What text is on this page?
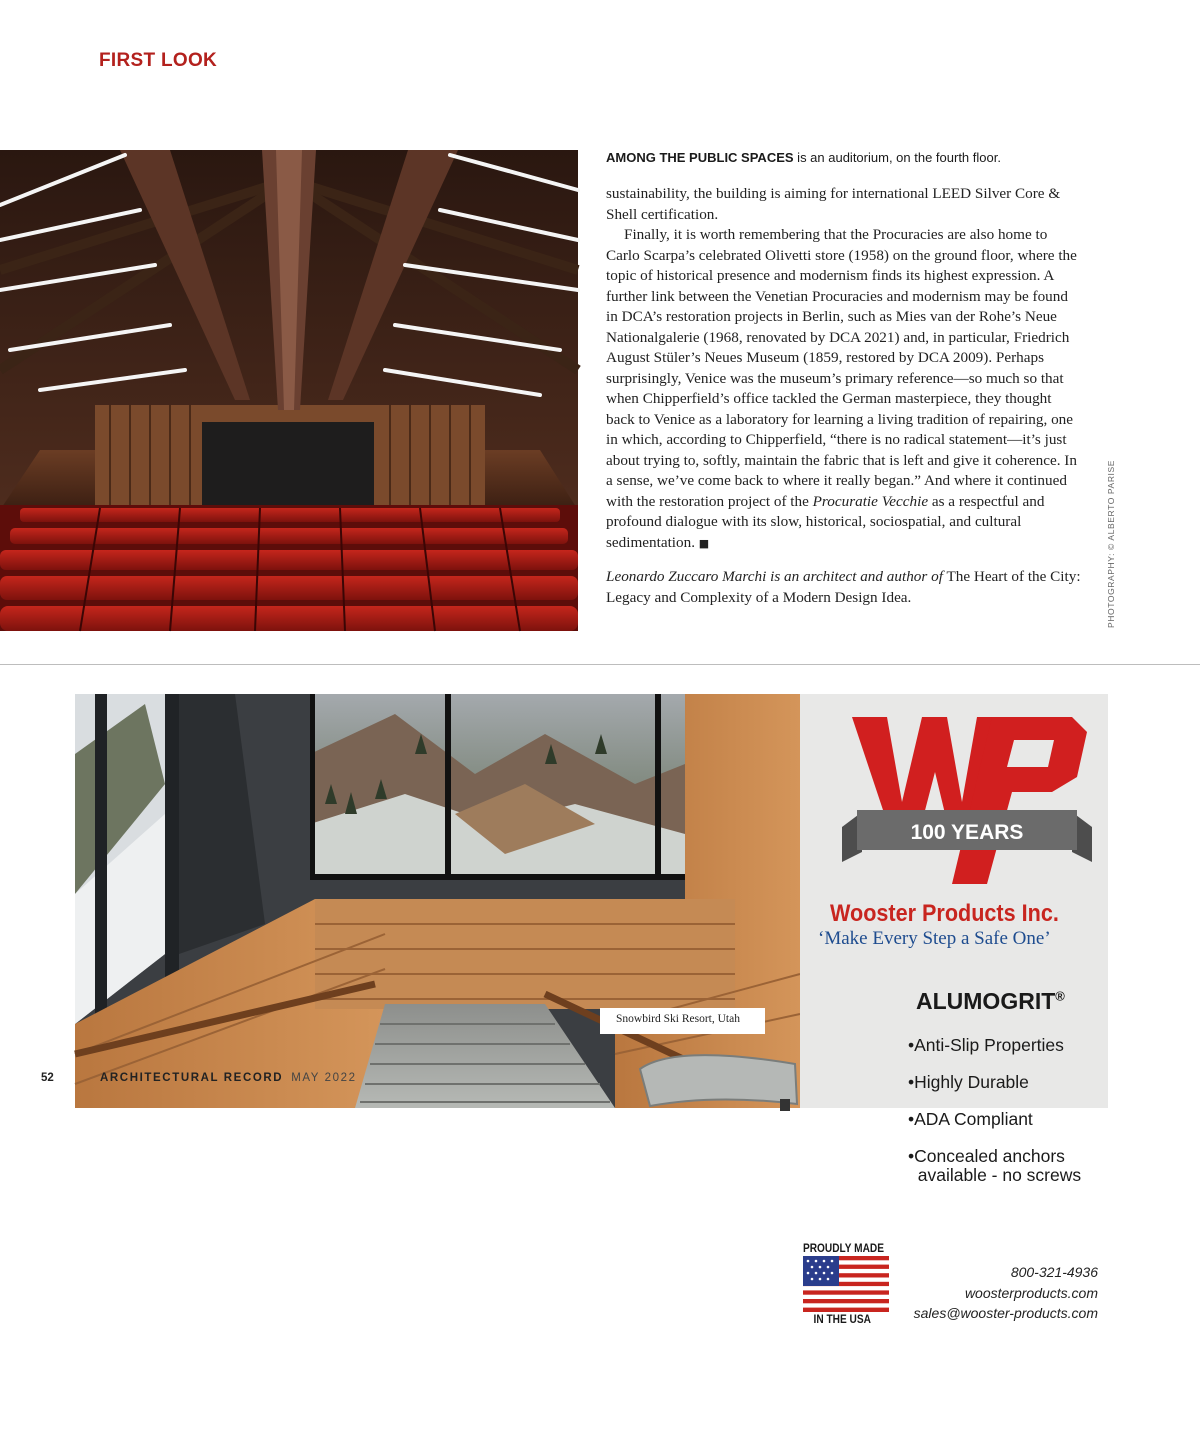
FIRST LOOK
AMONG THE PUBLIC SPACES is an auditorium, on the fourth floor.

sustainability, the building is aiming for international LEED Silver Core & Shell certification.

Finally, it is worth remembering that the Procuracies are also home to Carlo Scarpa’s celebrated Olivetti store (1958) on the ground floor, where the topic of historical presence and modernism finds its highest expression. A further link between the Venetian Procuracies and modernism may be found in DCA’s restoration projects in Berlin, such as Mies van der Rohe’s Neue Nationalgalerie (1968, renovated by DCA 2021) and, in particular, Friedrich August Stüler’s Neues Museum (1859, restored by DCA 2009). Perhaps surprisingly, Venice was the museum’s primary reference—so much so that when Chipperfield’s office tackled the German masterpiece, they thought back to Venice as a laboratory for learning a living tradition of repairing, one in which, according to Chipperfield, “there is no radical statement—it’s just about trying to, softly, maintain the fabric that is left and give it coherence. In a sense, we’ve come back to where it really began.” And where it continued with the restoration project of the Procuratie Vecchie as a respectful and profound dialogue with its slow, historical, sociospatial, and cultural sedimentation. ■

Leonardo Zuccaro Marchi is an architect and author of The Heart of the City: Legacy and Complexity of a Modern Design Idea.	PHOTOGRAPHY: © ALBERTO PARISE
Snowbird Ski Resort, Utah
100 YEARS
Wooster Products Inc.
‘Make Every Step a Safe One’
ALUMOGRIT®
•Anti-Slip Properties
•Highly Durable
•ADA Compliant
•Concealed anchors
available - no screws
PROUDLY MADE
IN THE USA
800-321-4936
woosterproducts.com
sales@wooster-products.com
52	ARCHITECTURAL RECORD MAY 2022
